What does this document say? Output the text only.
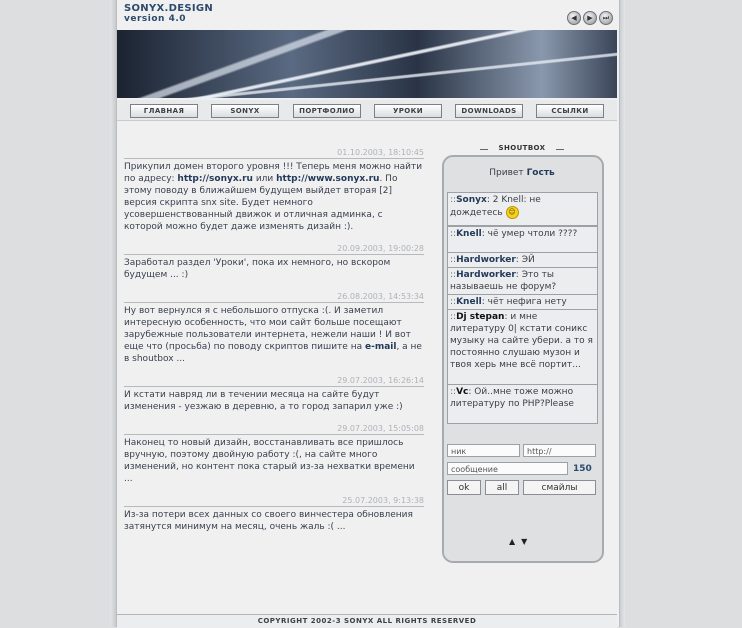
SONYX.DESIGN
version 4.0	◀	▶	⏭
ГЛАВНАЯ	SONYX	ПОРТФОЛИО	УРОКИ	DOWNLOADS	ССЫЛКИ
01.10.2003, 18:10:45
Прикупил домен второго уровня !!! Теперь меня можно найти по адресу: http://sonyx.ru или http://www.sonyx.ru. По этому поводу в ближайшем будущем выйдет вторая [2] версия скрипта snx site. Будет немного усовершенствованный движок и отличная админка, с которой можно будет даже изменять дизайн :).
20.09.2003, 19:00:28
Заработал раздел 'Уроки', пока их немного, но вскором будущем ... :)
26.08.2003, 14:53:34
Ну вот вернулся я с небольшого отпуска :(. И заметил интересную особенность, что мои сайт больше посещают зарубежные пользователи интернета, нежели наши ! И вот еще что (просьба) по поводу скриптов пишите на e-mail, а не в shoutbox ...
29.07.2003, 16:26:14
И кстати навряд ли в течении месяца на сайте будут изменения - уезжаю в деревню, а то город запарил уже :)
29.07.2003, 15:05:08
Наконец то новый дизайн, восстанавливать все пришлось вручную, поэтому двойную работу :(, на сайте много изменений, но контент пока старый из-за нехватки времени ...
25.07.2003, 9:13:38
Из-за потери всех данных со своего винчестера обновления затянутся минимум на месяц, очень жаль :( ...
SHOUTBOX
Привет Гость
::Sonyx: 2 Knell: не дождетесь ☺
::Knell: чё умер чтоли ????
::Hardworker: ЭЙ
::Hardworker: Это ты называешь не форум?
::Knell: чёт нефига нету
::Dj stepan: и мне литературу 0| кстати соникс музыку на сайте убери. а то я постоянно слушаю музон и твоя херь мне всё портит...
::Vc: Ой..мне тоже можно литературу по PHP?Please
ник	http://
сообщение	150
ok	all	смайлы
▲▼
COPYRIGHT 2002-3 SONYX ALL RIGHTS RESERVED
